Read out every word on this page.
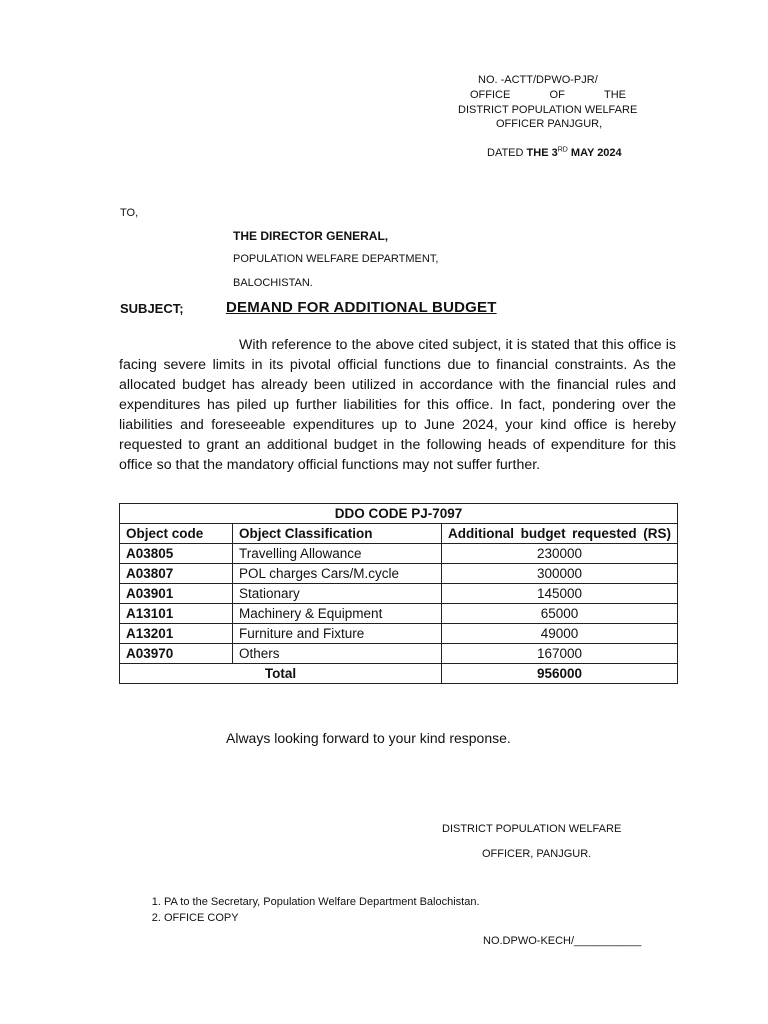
NO. -ACTT/DPWO-PJR/
OFFICE	OF	THE
DISTRICT POPULATION WELFARE
OFFICER PANJGUR,
DATED THE 3RD MAY 2024
TO,
THE DIRECTOR GENERAL,
POPULATION WELFARE DEPARTMENT,
BALOCHISTAN.
SUBJECT;	DEMAND FOR ADDITIONAL BUDGET

With reference to the above cited subject, it is stated that this office is facing severe limits in its pivotal official functions due to financial constraints. As the allocated budget has already been utilized in accordance with the financial rules and expenditures has piled up further liabilities for this office. In fact, pondering over the liabilities and foreseeable expenditures up to June 2024, your kind office is hereby requested to grant an additional budget in the following heads of expenditure for this office so that the mandatory official functions may not suffer further.

DDO CODE PJ-7097		
Object code	Object Classification	Additional budget requested (RS)
A03805	Travelling Allowance	230000
A03807	POL charges Cars/M.cycle	300000
A03901	Stationary	145000
A13101	Machinery & Equipment	65000
A13201	Furniture and Fixture	49000
A03970	Others	167000
Total		956000
Always looking forward to your kind response.
DISTRICT POPULATION WELFARE
OFFICER, PANJGUR.
1. PA to the Secretary, Population Welfare Department Balochistan.
2. OFFICE COPY
NO.DPWO-KECH/___________
